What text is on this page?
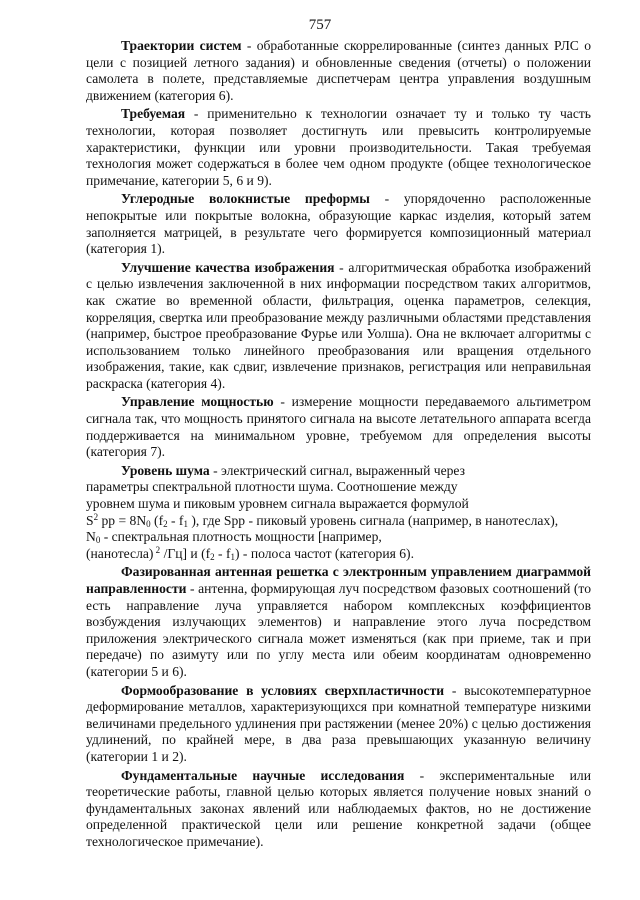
757

Траектории систем - обработанные скоррелированные (синтез данных РЛС о цели с позицией летного задания) и обновленные сведения (отчеты) о положении самолета в полете, представляемые диспетчерам центра управления воздушным движением (категория 6).

Требуемая - применительно к технологии означает ту и только ту часть технологии, которая позволяет достигнуть или превысить контролируемые характеристики, функции или уровни производительности. Такая требуемая технология может содержаться в более чем одном продукте (общее технологическое примечание, категории 5, 6 и 9).

Углеродные волокнистые преформы - упорядоченно расположенные непокрытые или покрытые волокна, образующие каркас изделия, который затем заполняется матрицей, в результате чего формируется композиционный материал (категория 1).

Улучшение качества изображения - алгоритмическая обработка изображений с целью извлечения заключенной в них информации посредством таких алгоритмов, как сжатие во временной области, фильтрация, оценка параметров, селекция, корреляция, свертка или преобразование между различными областями представления (например, быстрое преобразование Фурье или Уолша). Она не включает алгоритмы с использованием только линейного преобразования или вращения отдельного изображения, такие, как сдвиг, извлечение признаков, регистрация или неправильная раскраска (категория 4).

Управление мощностью - измерение мощности передаваемого альтиметром сигнала так, что мощность принятого сигнала на высоте летательного аппарата всегда поддерживается на минимальном уровне, требуемом для определения высоты (категория 7).

Уровень шума - электрический сигнал, выраженный через
параметры спектральной плотности шума. Соотношение между
уровнем шума и пиковым уровнем сигнала выражается формулой
$S^2$ pp = $8N_0$ ($f_2 - f_1$ ), где Spp - пиковый уровень сигнала (например, в нанотеслах),
$N_0$ - спектральная плотность мощности [например,
(нанотесла) $^2$ /Гц] и $(f_2 - f_1)$ - полоса частот (категория 6).

Фазированная антенная решетка с электронным управлением диаграммой направленности - антенна, формирующая луч посредством фазовых соотношений (то есть направление луча управляется набором комплексных коэффициентов возбуждения излучающих элементов) и направление этого луча посредством приложения электрического сигнала может изменяться (как при приеме, так и при передаче) по азимуту или по углу места или обеим координатам одновременно (категории 5 и 6).

Формообразование в условиях сверхпластичности - высокотемпературное деформирование металлов, характеризующихся при комнатной температуре низкими величинами предельного удлинения при растяжении (менее 20%) с целью достижения удлинений, по крайней мере, в два раза превышающих указанную величину (категории 1 и 2).

Фундаментальные научные исследования - экспериментальные или теоретические работы, главной целью которых является получение новых знаний о фундаментальных законах явлений или наблюдаемых фактов, но не достижение определенной практической цели или решение конкретной задачи (общее технологическое примечание).
